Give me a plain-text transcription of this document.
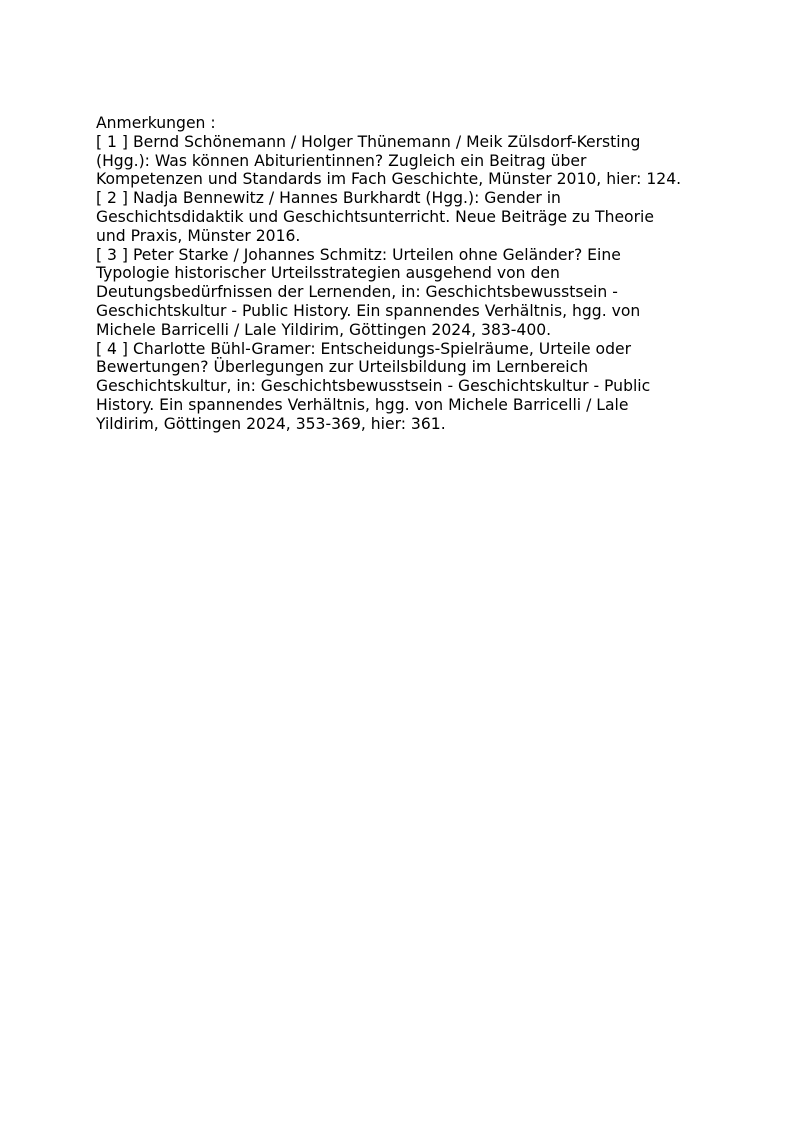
Anmerkungen :

[ 1 ] Bernd Schönemann / Holger Thünemann / Meik Zülsdorf-Kersting
(Hgg.): Was können Abiturientinnen? Zugleich ein Beitrag über
Kompetenzen und Standards im Fach Geschichte, Münster 2010, hier: 124.

[ 2 ] Nadja Bennewitz / Hannes Burkhardt (Hgg.): Gender in
Geschichtsdidaktik und Geschichtsunterricht. Neue Beiträge zu Theorie
und Praxis, Münster 2016.

[ 3 ] Peter Starke / Johannes Schmitz: Urteilen ohne Geländer? Eine
Typologie historischer Urteilsstrategien ausgehend von den
Deutungsbedürfnissen der Lernenden, in: Geschichtsbewusstsein -
Geschichtskultur - Public History. Ein spannendes Verhältnis, hgg. von
Michele Barricelli / Lale Yildirim, Göttingen 2024, 383-400.

[ 4 ] Charlotte Bühl-Gramer: Entscheidungs-Spielräume, Urteile oder
Bewertungen? Überlegungen zur Urteilsbildung im Lernbereich
Geschichtskultur, in: Geschichtsbewusstsein - Geschichtskultur - Public
History. Ein spannendes Verhältnis, hgg. von Michele Barricelli / Lale
Yildirim, Göttingen 2024, 353-369, hier: 361.
